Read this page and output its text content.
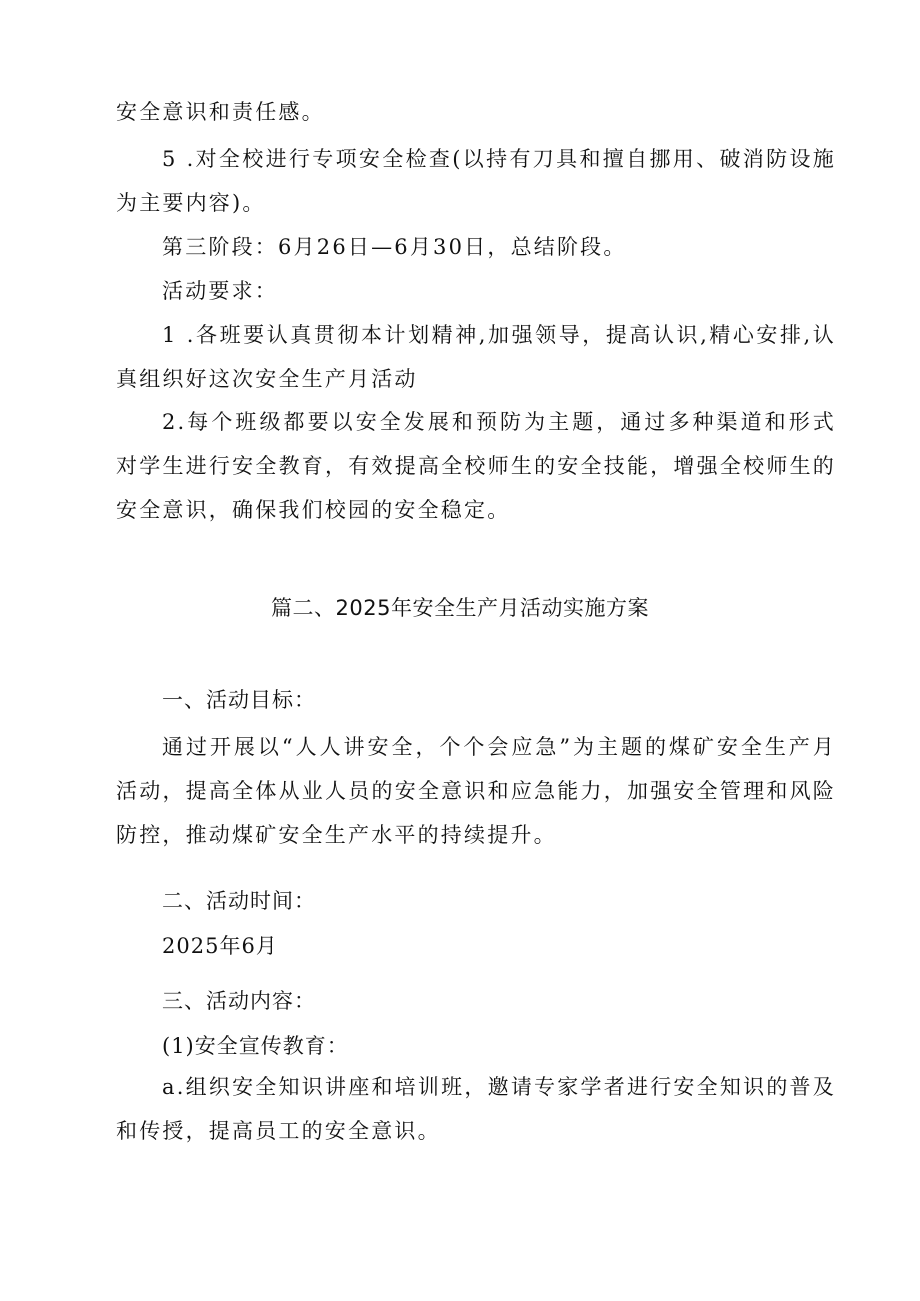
安全意识和责任感。

5 .对全校进行专项安全检查(以持有刀具和擅自挪用、破消防设施为主要内容)。

第三阶段：6月26日—6月30日，总结阶段。

活动要求：

1 .各班要认真贯彻本计划精神,加强领导，提高认识,精心安排,认真组织好这次安全生产月活动

2.每个班级都要以安全发展和预防为主题，通过多种渠道和形式对学生进行安全教育，有效提高全校师生的安全技能，增强全校师生的安全意识，确保我们校园的安全稳定。

篇二、2025年安全生产月活动实施方案

一、活动目标：

通过开展以“人人讲安全，个个会应急”为主题的煤矿安全生产月活动，提高全体从业人员的安全意识和应急能力，加强安全管理和风险防控，推动煤矿安全生产水平的持续提升。

二、活动时间：

2025年6月

三、活动内容：

(1)安全宣传教育：

a.组织安全知识讲座和培训班，邀请专家学者进行安全知识的普及和传授，提高员工的安全意识。
